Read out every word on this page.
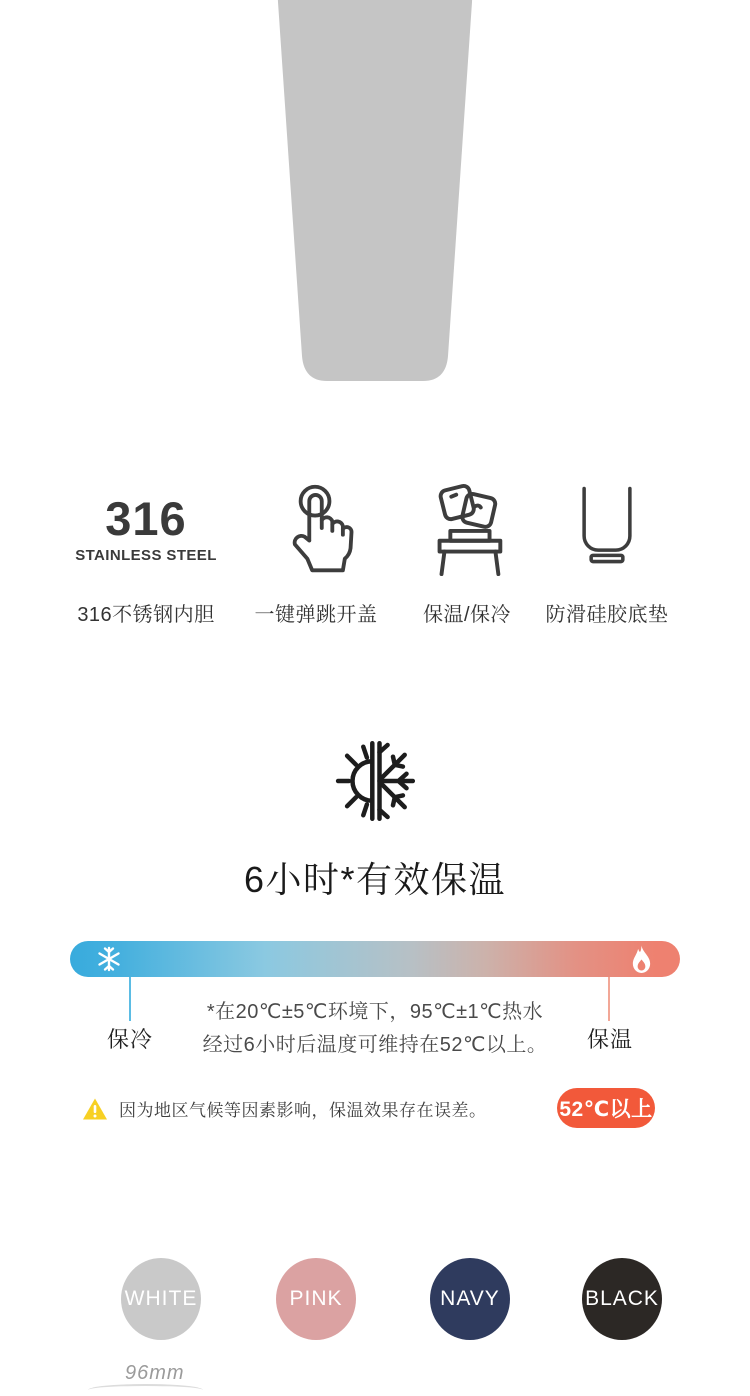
316
STAINLESS STEEL
316不锈钢内胆	一键弹跳开盖	保温/保冷	防滑硅胶底垫
6小时*有效保温
保冷	保温
*在20℃±5℃环境下，95℃±1℃热水
经过6小时后温度可维持在52℃以上。
因为地区气候等因素影响，保温效果存在误差。	52℃以上
WHITE	PINK	NAVY	BLACK
96mm
